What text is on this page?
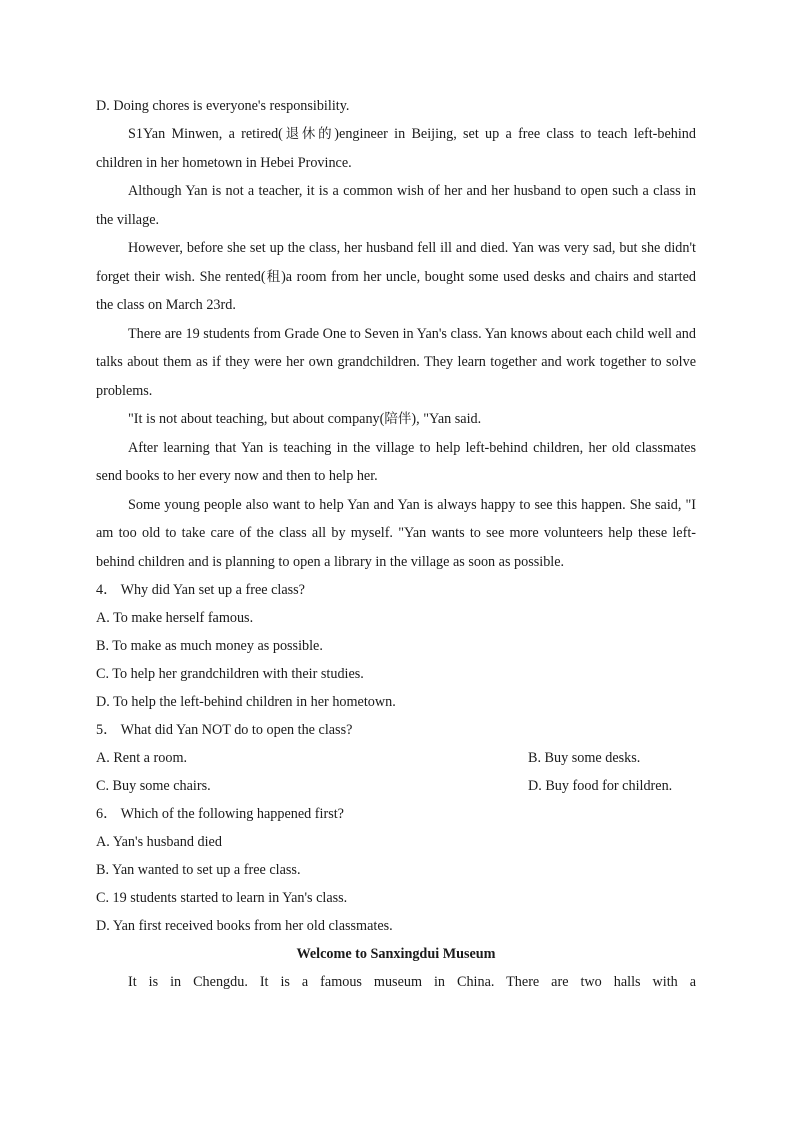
D. Doing chores is everyone's responsibility.

S1Yan Minwen, a retired(退休的)engineer in Beijing, set up a free class to teach left-behind children in her hometown in Hebei Province.

Although Yan is not a teacher, it is a common wish of her and her husband to open such a class in the village.

However, before she set up the class, her husband fell ill and died. Yan was very sad, but she didn't forget their wish. She rented(租)a room from her uncle, bought some used desks and chairs and started the class on March 23rd.

There are 19 students from Grade One to Seven in Yan's class. Yan knows about each child well and talks about them as if they were her own grandchildren. They learn together and work together to solve problems.

"It is not about teaching, but about company(陪伴), "Yan said.

After learning that Yan is teaching in the village to help left-behind children, her old classmates send books to her every now and then to help her.

Some young people also want to help Yan and Yan is always happy to see this happen. She said, "I am too old to take care of the class all by myself. "Yan wants to see more volunteers help these left-behind children and is planning to open a library in the village as soon as possible.

4． Why did Yan set up a free class?

A. To make herself famous.

B. To make as much money as possible.

C. To help her grandchildren with their studies.

D. To help the left-behind children in her hometown.

5． What did Yan NOT do to open the class?

A. Rent a room.	B. Buy some desks.
C. Buy some chairs.	D. Buy food for children.

6． Which of the following happened first?

A. Yan's husband died

B. Yan wanted to set up a free class.

C. 19 students started to learn in Yan's class.

D. Yan first received books from her old classmates.

Welcome to Sanxingdui Museum

It is in Chengdu. It is a famous museum in China. There are two halls with a
